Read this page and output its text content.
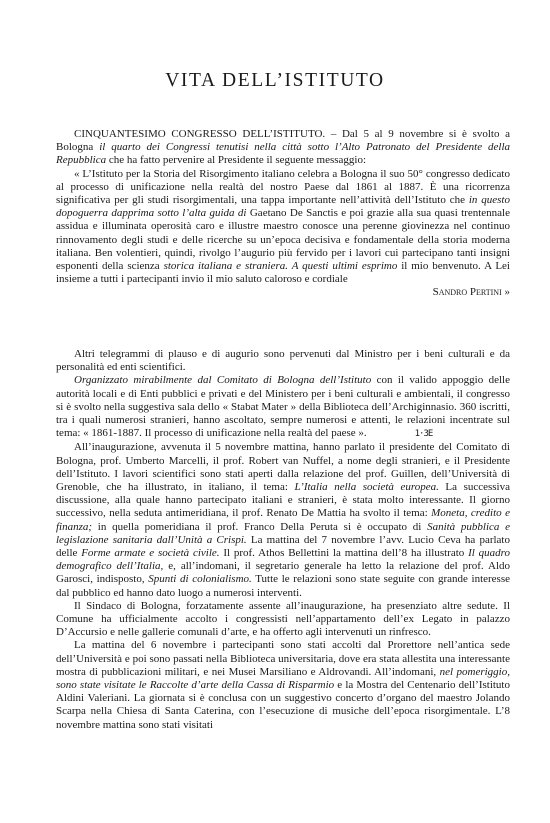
VITA DELL’ISTITUTO

CINQUANTESIMO CONGRESSO DELL’ISTITUTO. – Dal 5 al 9 novembre si è svolto a Bologna il quarto dei Congressi tenutisi nella città sotto l’Alto Patronato del Presidente della Repubblica che ha fatto pervenire al Presidente il seguente messaggio:

« L’Istituto per la Storia del Risorgimento italiano celebra a Bologna il suo 50° congresso dedicato al processo di unificazione nella realtà del nostro Paese dal 1861 al 1887. È una ricorrenza significativa per gli studi risorgimentali, una tappa importante nell’attività dell’Istituto che in questo dopoguerra dapprima sotto l’alta guida di Gaetano De Sanctis e poi grazie alla sua quasi trentennale assidua e illuminata operosità caro e illustre maestro conosce una perenne giovinezza nel continuo rinnovamento degli studi e delle ricerche su un’epoca decisiva e fondamentale della storia moderna italiana. Ben volentieri, quindi, rivolgo l’augurio più fervido per i lavori cui partecipano tanti insigni esponenti della scienza storica italiana e straniera. A questi ultimi esprimo il mio benvenuto. A Lei insieme a tutti i partecipanti invio il mio saluto caloroso e cordiale

Sandro Pertini »

Altri telegrammi di plauso e di augurio sono pervenuti dal Ministro per i beni culturali e da personalità ed enti scientifici.

Organizzato mirabilmente dal Comitato di Bologna dell’Istituto con il valido appoggio delle autorità locali e di Enti pubblici e privati e del Ministero per i beni culturali e ambientali, il congresso si è svolto nella suggestiva sala dello « Stabat Mater » della Biblioteca dell’Archiginnasio. 360 iscritti, tra i quali numerosi stranieri, hanno ascoltato, sempre numerosi e attenti, le relazioni incentrate sul tema: « 1861-1887. Il processo di unificazione nella realtà del paese ».	1·3E

All’inaugurazione, avvenuta il 5 novembre mattina, hanno parlato il presidente del Comitato di Bologna, prof. Umberto Marcelli, il prof. Robert van Nuffel, a nome degli stranieri, e il Presidente dell’Istituto. I lavori scientifici sono stati aperti dalla relazione del prof. Guillen, dell’Università di Grenoble, che ha illustrato, in italiano, il tema: L’Italia nella società europea. La successiva discussione, alla quale hanno partecipato italiani e stranieri, è stata molto interessante. Il giorno successivo, nella seduta antimeridiana, il prof. Renato De Mattia ha svolto il tema: Moneta, credito e finanza; in quella pomeridiana il prof. Franco Della Peruta si è occupato di Sanità pubblica e legislazione sanitaria dall’Unità a Crispi. La mattina del 7 novembre l’avv. Lucio Ceva ha parlato delle Forme armate e società civile. Il prof. Athos Bellettini la mattina dell’8 ha illustrato Il quadro demografico dell’Italia, e, all’indomani, il segretario generale ha letto la relazione del prof. Aldo Garosci, indisposto, Spunti di colonialismo. Tutte le relazioni sono state seguite con grande interesse dal pubblico ed hanno dato luogo a numerosi interventi.

Il Sindaco di Bologna, forzatamente assente all’inaugurazione, ha presenziato altre sedute. Il Comune ha ufficialmente accolto i congressisti nell’appartamento dell’ex Legato in palazzo D’Accursio e nelle gallerie comunali d’arte, e ha offerto agli intervenuti un rinfresco.

La mattina del 6 novembre i partecipanti sono stati accolti dal Prorettore nell’antica sede dell’Università e poi sono passati nella Biblioteca universitaria, dove era stata allestita una interessante mostra di pubblicazioni militari, e nei Musei Marsiliano e Aldrovandi. All’indomani, nel pomeriggio, sono state visitate le Raccolte d’arte della Cassa di Risparmio e la Mostra del Centenario dell’Istituto Aldini Valeriani. La giornata si è conclusa con un suggestivo concerto d’organo del maestro Jolando Scarpa nella Chiesa di Santa Caterina, con l’esecuzione di musiche dell’epoca risorgimentale. L’8 novembre mattina sono stati visitati
